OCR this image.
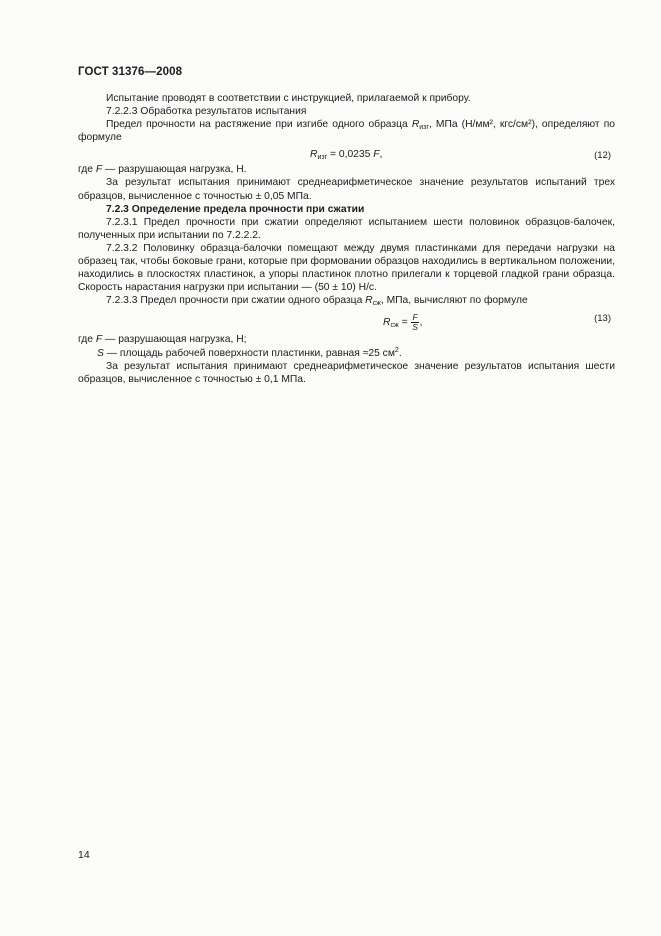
ГОСТ 31376—2008
Испытание проводят в соответствии с инструкцией, прилагаемой к прибору.
7.2.2.3 Обработка результатов испытания
Предел прочности на растяжение при изгибе одного образца $R_{изг}$, МПа (Н/мм², кгс/см²), определяют по формуле
$R_{изг} = 0,0235$ F,	(12)
где F — разрушающая нагрузка, Н.
За результат испытания принимают среднеарифметическое значение результатов испытаний трех образцов, вычисленное с точностью ± 0,05 МПа.
7.2.3 Определение предела прочности при сжатии
7.2.3.1 Предел прочности при сжатии определяют испытанием шести половинок образцов-балочек, полученных при испытании по 7.2.2.2.
7.2.3.2 Половинку образца-балочки помещают между двумя пластинками для передачи нагрузки на образец так, чтобы боковые грани, которые при формовании образцов находились в вертикальном положении, находились в плоскостях пластинок, а упоры пластинок плотно прилегали к торцевой гладкой грани образца. Скорость нарастания нагрузки при испытании — (50 ± 10) Н/с.
7.2.3.3 Предел прочности при сжатии одного образца $R_{сж}$, МПа, вычисляют по формуле
$R_{сж} = \frac{F}{S}$ ,	(13)
где F — разрушающая нагрузка, Н;
S — площадь рабочей поверхности пластинки, равная ≈25 $см^2$.
За результат испытания принимают среднеарифметическое значение результатов испытания шести образцов, вычисленное с точностью ± 0,1 МПа.
14
